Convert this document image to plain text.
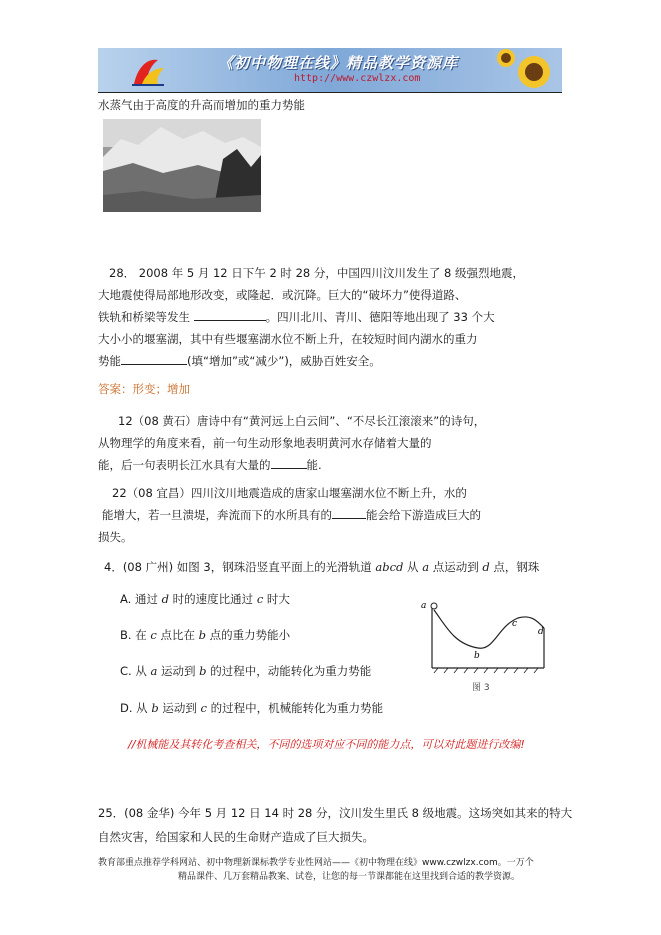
《初中物理在线》精品教学资源库
http://www.czwlzx.com
水蒸气由于高度的升高而增加的重力势能
28． 2008 年 5 月 12 日下午 2 时 28 分，中国四川汶川发生了 8 级强烈地震，
大地震使得局部地形改变，或隆起．或沉降。巨大的“破坏力”使得道路、
铁轨和桥梁等发生	。四川北川、青川、德阳等地出现了 33 个大
大小小的堰塞湖，其中有些堰塞湖水位不断上升，在较短时间内湖水的重力
势能	(填“增加”或“减少”)，威胁百姓安全。
答案：形变；增加
12（08 黄石）唐诗中有“黄河远上白云间”、“不尽长江滚滚来”的诗句，
从物理学的角度来看，前一句生动形象地表明黄河水存储着大量的
能，后一句表明长江水具有大量的	能.
22（08 宜昌）四川汶川地震造成的唐家山堰塞湖水位不断上升，水的
能增大，若一旦溃堤，奔流而下的水所具有的	能会给下游造成巨大的
损失。
4．(08 广州) 如图 3，钢珠沿竖直平面上的光滑轨道 abcd 从 a 点运动到 d 点，钢珠
A. 通过 d 时的速度比通过 c 时大
B. 在 c 点比在 b 点的重力势能小
C. 从 a 运动到 b 的过程中，动能转化为重力势能
D. 从 b 运动到 c 的过程中，机械能转化为重力势能
a
b
c
d
图 3
//机械能及其转化考查相关，不同的选项对应不同的能力点，可以对此题进行改编!
25．(08 金华) 今年 5 月 12 日 14 时 28 分，汶川发生里氏 8 级地震。这场突如其来的特大
自然灾害，给国家和人民的生命财产造成了巨大损失。
教育部重点推荐学科网站、初中物理新课标教学专业性网站——《初中物理在线》www.czwlzx.com。一万个
精品课件、几万套精品教案、试卷，让您的每一节课都能在这里找到合适的教学资源。
